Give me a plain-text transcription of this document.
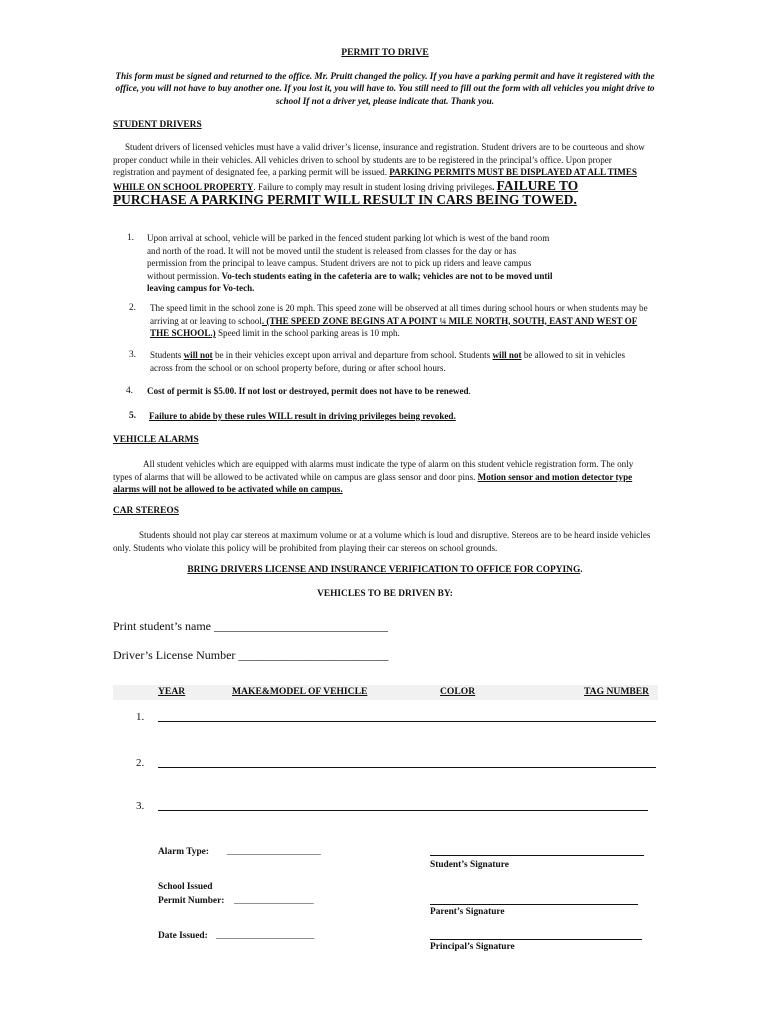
PERMIT TO DRIVE
This form must be signed and returned to the office. Mr. Pruitt changed the policy. If you have a parking permit and have it registered with the office, you will not have to buy another one. If you lost it, you will have to. You still need to fill out the form with all vehicles you might drive to school If not a driver yet, please indicate that. Thank you.
STUDENT DRIVERS
Student drivers of licensed vehicles must have a valid driver’s license, insurance and registration. Student drivers are to be courteous and show proper conduct while in their vehicles. All vehicles driven to school by students are to be registered in the principal’s office. Upon proper registration and payment of designated fee, a parking permit will be issued. PARKING PERMITS MUST BE DISPLAYED AT ALL TIMES WHILE ON SCHOOL PROPERTY. Failure to comply may result in student losing driving privileges. FAILURE TO PURCHASE A PARKING PERMIT WILL RESULT IN CARS BEING TOWED.
1. Upon arrival at school, vehicle will be parked in the fenced student parking lot which is west of the band room and north of the road. It will not be moved until the student is released from classes for the day or has permission from the principal to leave campus. Student drivers are not to pick up riders and leave campus without permission. Vo-tech students eating in the cafeteria are to walk; vehicles are not to be moved until leaving campus for Vo-tech.
2. The speed limit in the school zone is 20 mph. This speed zone will be observed at all times during school hours or when students may be arriving at or leaving to school. (THE SPEED ZONE BEGINS AT A POINT ¼ MILE NORTH, SOUTH, EAST AND WEST OF THE SCHOOL.) Speed limit in the school parking areas is 10 mph.
3. Students will not be in their vehicles except upon arrival and departure from school. Students will not be allowed to sit in vehicles across from the school or on school property before, during or after school hours.
4. Cost of permit is $5.00. If not lost or destroyed, permit does not have to be renewed.
5. Failure to abide by these rules WILL result in driving privileges being revoked.
VEHICLE ALARMS
All student vehicles which are equipped with alarms must indicate the type of alarm on this student vehicle registration form. The only types of alarms that will be allowed to be activated while on campus are glass sensor and door pins. Motion sensor and motion detector type alarms will not be allowed to be activated while on campus.
CAR STEREOS
Students should not play car stereos at maximum volume or at a volume which is loud and disruptive. Stereos are to be heard inside vehicles only. Students who violate this policy will be prohibited from playing their car stereos on school grounds.
BRING DRIVERS LICENSE AND INSURANCE VERIFICATION TO OFFICE FOR COPYING.
VEHICLES TO BE DRIVEN BY:
Print student’s name _____________________________
Driver’s License Number _________________________
YEAR	MAKE&MODEL OF VEHICLE	COLOR	TAG NUMBER
1.
2.
3.
Alarm Type: ____________________
Student’s Signature
School Issued
Permit Number: _________________
Parent’s Signature
Date Issued: _____________________
Principal’s Signature
